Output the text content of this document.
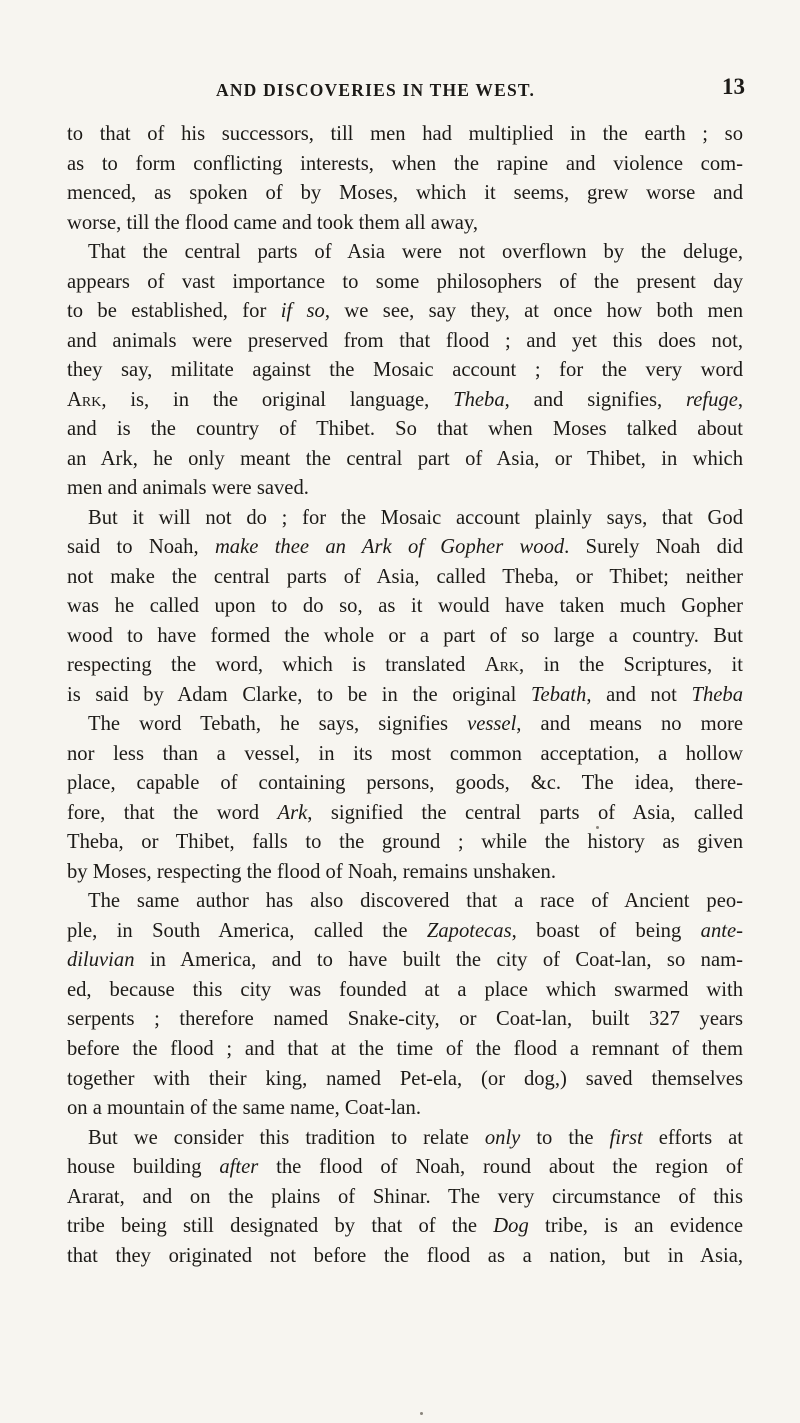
AND DISCOVERIES IN THE WEST.	13
to that of his successors, till men had multiplied in the earth ; so
as to form conflicting interests, when the rapine and violence com-
menced, as spoken of by Moses, which it seems, grew worse and
worse, till the flood came and took them all away,
That the central parts of Asia were not overflown by the deluge,
appears of vast importance to some philosophers of the present day
to be established, for if so, we see, say they, at once how both men
and animals were preserved from that flood ; and yet this does not,
they say, militate against the Mosaic account ; for the very word
Ark, is, in the original language, Theba, and signifies, refuge,
and is the country of Thibet. So that when Moses talked about
an Ark, he only meant the central part of Asia, or Thibet, in which
men and animals were saved.
But it will not do ; for the Mosaic account plainly says, that God
said to Noah, make thee an Ark of Gopher wood. Surely Noah did
not make the central parts of Asia, called Theba, or Thibet; neither
was he called upon to do so, as it would have taken much Gopher
wood to have formed the whole or a part of so large a country. But
respecting the word, which is translated Ark, in the Scriptures, it
is said by Adam Clarke, to be in the original Tebath, and not Theba
The word Tebath, he says, signifies vessel, and means no more
nor less than a vessel, in its most common acceptation, a hollow
place, capable of containing persons, goods, &c. The idea, there-
fore, that the word Ark, signified the central parts of Asia, called
Theba, or Thibet, falls to the ground ; while the history as given
by Moses, respecting the flood of Noah, remains unshaken.
The same author has also discovered that a race of Ancient peo-
ple, in South America, called the Zapotecas, boast of being ante-
diluvian in America, and to have built the city of Coat-lan, so nam-
ed, because this city was founded at a place which swarmed with
serpents ; therefore named Snake-city, or Coat-lan, built 327 years
before the flood ; and that at the time of the flood a remnant of them
together with their king, named Pet-ela, (or dog,) saved themselves
on a mountain of the same name, Coat-lan.
But we consider this tradition to relate only to the first efforts at
house building after the flood of Noah, round about the region of
Ararat, and on the plains of Shinar. The very circumstance of this
tribe being still designated by that of the Dog tribe, is an evidence
that they originated not before the flood as a nation, but in Asia,
